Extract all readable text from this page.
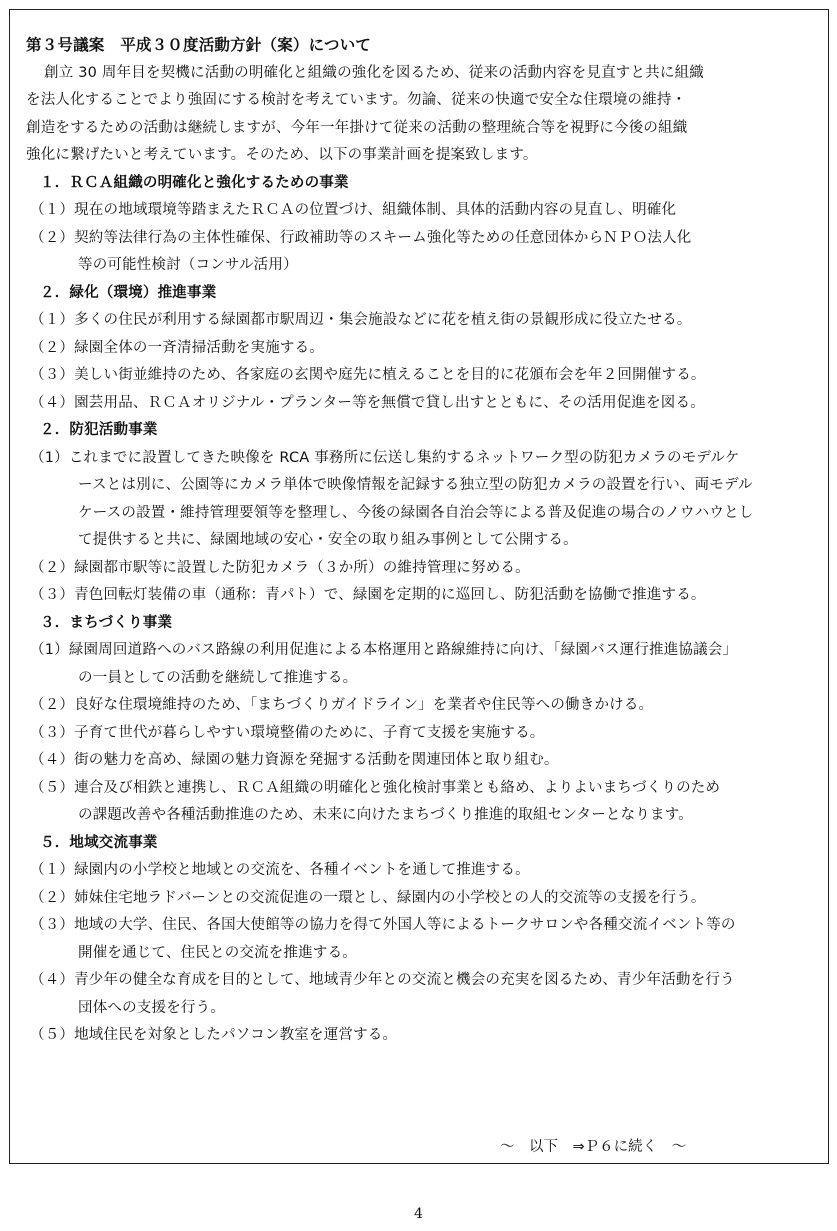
第３号議案　平成３０度活動方針（案）について
創立 30 周年目を契機に活動の明確化と組織の強化を図るため、従来の活動内容を見直すと共に組織
を法人化することでより強固にする検討を考えています。勿論、従来の快適で安全な住環境の維持・
創造をするための活動は継続しますが、今年一年掛けて従来の活動の整理統合等を視野に今後の組織
強化に繋げたいと考えています。そのため、以下の事業計画を提案致します。
１．ＲＣＡ組織の明確化と強化するための事業
（１）現在の地域環境等踏まえたＲＣＡの位置づけ、組織体制、具体的活動内容の見直し、明確化
（２）契約等法律行為の主体性確保、行政補助等のスキーム強化等ための任意団体からＮＰＯ法人化
等の可能性検討（コンサル活用）
２．緑化（環境）推進事業
（１）多くの住民が利用する緑園都市駅周辺・集会施設などに花を植え街の景観形成に役立たせる。
（２）緑園全体の一斉清掃活動を実施する。
（３）美しい街並維持のため、各家庭の玄関や庭先に植えることを目的に花頒布会を年２回開催する。
（４）園芸用品、ＲＣＡオリジナル・プランター等を無償で貸し出すとともに、その活用促進を図る。
２．防犯活動事業
（1）これまでに設置してきた映像を RCA 事務所に伝送し集約するネットワーク型の防犯カメラのモデルケ
ースとは別に、公園等にカメラ単体で映像情報を記録する独立型の防犯カメラの設置を行い、両モデル
ケースの設置・維持管理要領等を整理し、今後の緑園各自治会等による普及促進の場合のノウハウとし
て提供すると共に、緑園地域の安心・安全の取り組み事例として公開する。
（２）緑園都市駅等に設置した防犯カメラ（３か所）の維持管理に努める。
（３）青色回転灯装備の車（通称：青パト）で、緑園を定期的に巡回し、防犯活動を協働で推進する。
３．まちづくり事業
（1）緑園周回道路へのバス路線の利用促進による本格運用と路線維持に向け、「緑園バス運行推進協議会」
の一員としての活動を継続して推進する。
（２）良好な住環境維持のため、「まちづくりガイドライン」を業者や住民等への働きかける。
（３）子育て世代が暮らしやすい環境整備のために、子育て支援を実施する。
（４）街の魅力を高め、緑園の魅力資源を発掘する活動を関連団体と取り組む。
（５）連合及び相鉄と連携し、ＲＣＡ組織の明確化と強化検討事業とも絡め、よりよいまちづくりのため
の課題改善や各種活動推進のため、未来に向けたまちづくり推進的取組センターとなります。
５．地域交流事業
（１）緑園内の小学校と地域との交流を、各種イベントを通して推進する。
（２）姉妹住宅地ラドバーンとの交流促進の一環とし、緑園内の小学校との人的交流等の支援を行う。
（３）地域の大学、住民、各国大使館等の協力を得て外国人等によるトークサロンや各種交流イベント等の
開催を通じて、住民との交流を推進する。
（４）青少年の健全な育成を目的として、地域青少年との交流と機会の充実を図るため、青少年活動を行う
団体への支援を行う。
（５）地域住民を対象としたパソコン教室を運営する。
～　以下　⇒Ｐ６に続く　～
4
